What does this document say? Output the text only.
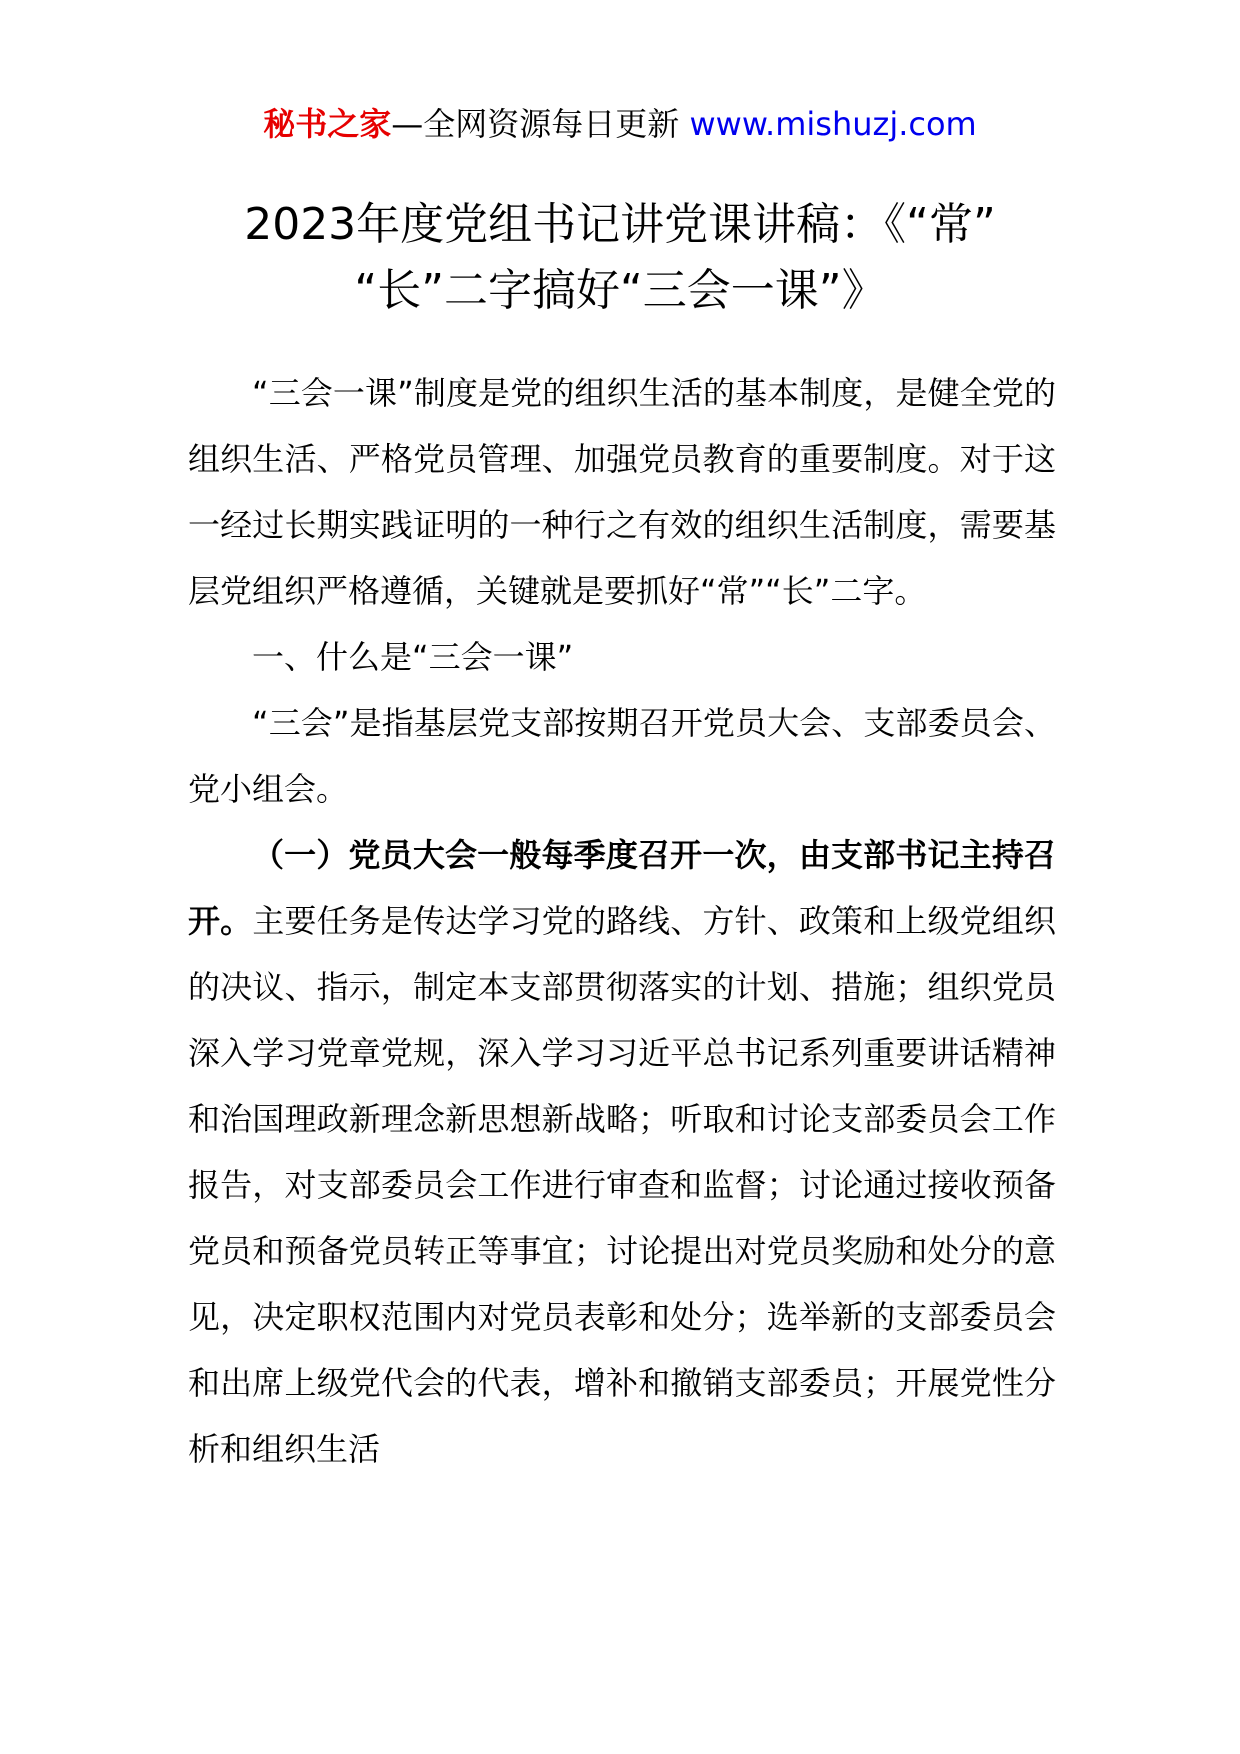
秘书之家—全网资源每日更新 www.mishuzj.com
2023年度党组书记讲党课讲稿：《“常”
“长”二字搞好“三会一课”》

“三会一课”制度是党的组织生活的基本制度，是健全党的组织生活、严格党员管理、加强党员教育的重要制度。对于这一经过长期实践证明的一种行之有效的组织生活制度，需要基层党组织严格遵循，关键就是要抓好“常”“长”二字。

一、什么是“三会一课”

“三会”是指基层党支部按期召开党员大会、支部委员会、党小组会。

（一）党员大会一般每季度召开一次，由支部书记主持召开。主要任务是传达学习党的路线、方针、政策和上级党组织的决议、指示，制定本支部贯彻落实的计划、措施；组织党员深入学习党章党规，深入学习习近平总书记系列重要讲话精神和治国理政新理念新思想新战略；听取和讨论支部委员会工作报告，对支部委员会工作进行审查和监督；讨论通过接收预备党员和预备党员转正等事宜；讨论提出对党员奖励和处分的意见，决定职权范围内对党员表彰和处分；选举新的支部委员会和出席上级党代会的代表，增补和撤销支部委员；开展党性分析和组织生活
